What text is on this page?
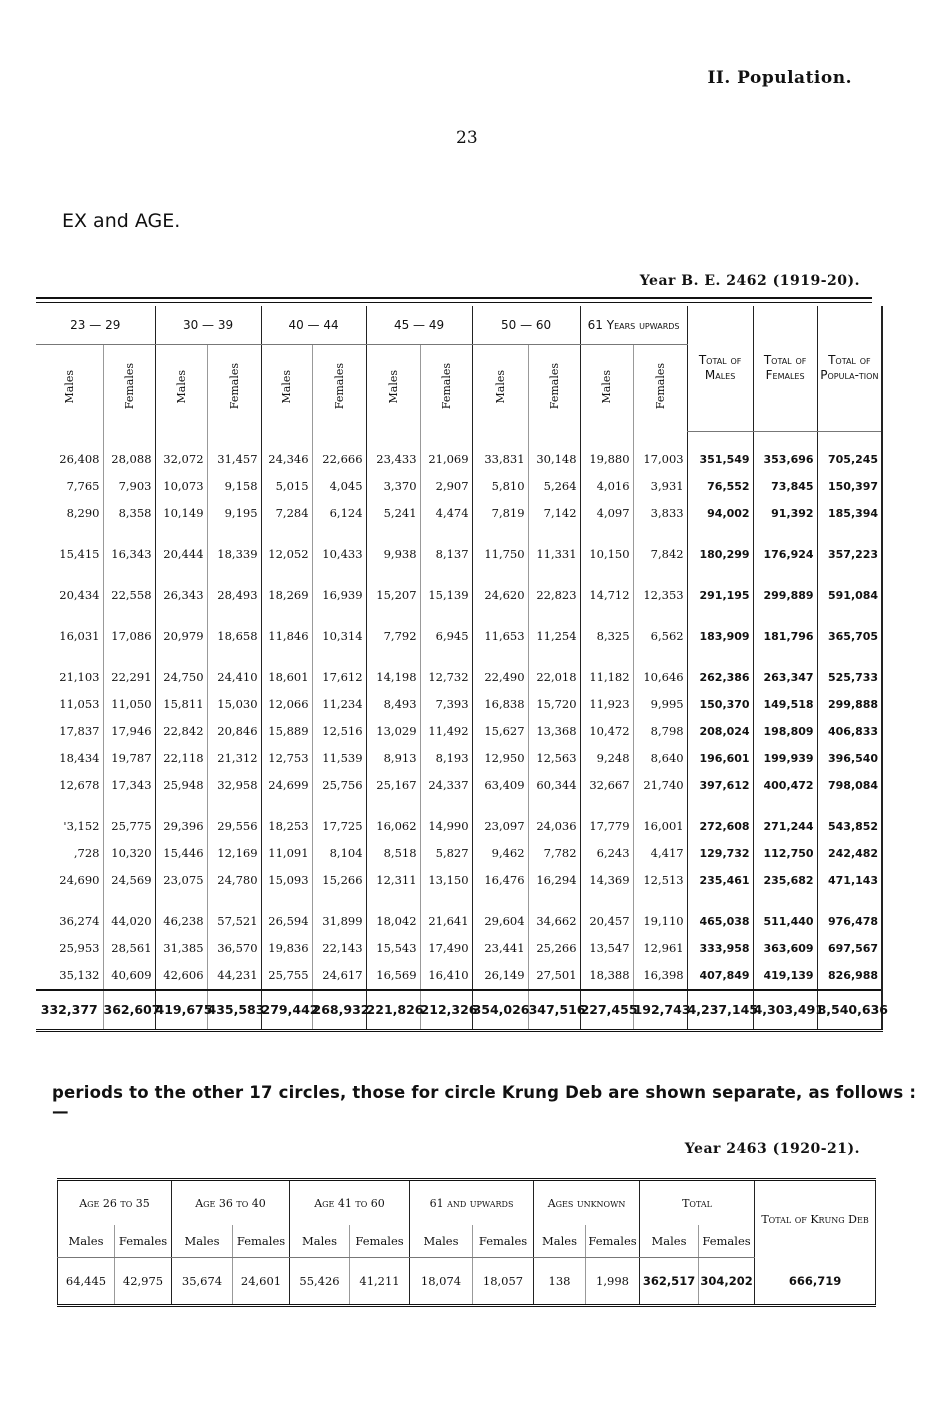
II. Population.
23
EX and AGE.
Year B. E. 2462 (1919-20).
23 — 29		30 — 39		40 — 44		45 — 49		50 — 60		61 Years upwards		Total of Males	Total of Females	Total of Popula-tion
Males	Females	Males	Females	Males	Females	Males	Females	Males	Females	Males	Females			
26,408	28,088	32,072	31,457	24,346	22,666	23,433	21,069	33,831	30,148	19,880	17,003	351,549	353,696	705,245
7,765	7,903	10,073	9,158	5,015	4,045	3,370	2,907	5,810	5,264	4,016	3,931	76,552	73,845	150,397
8,290	8,358	10,149	9,195	7,284	6,124	5,241	4,474	7,819	7,142	4,097	3,833	94,002	91,392	185,394
15,415	16,343	20,444	18,339	12,052	10,433	9,938	8,137	11,750	11,331	10,150	7,842	180,299	176,924	357,223
20,434	22,558	26,343	28,493	18,269	16,939	15,207	15,139	24,620	22,823	14,712	12,353	291,195	299,889	591,084
16,031	17,086	20,979	18,658	11,846	10,314	7,792	6,945	11,653	11,254	8,325	6,562	183,909	181,796	365,705
21,103	22,291	24,750	24,410	18,601	17,612	14,198	12,732	22,490	22,018	11,182	10,646	262,386	263,347	525,733
11,053	11,050	15,811	15,030	12,066	11,234	8,493	7,393	16,838	15,720	11,923	9,995	150,370	149,518	299,888
17,837	17,946	22,842	20,846	15,889	12,516	13,029	11,492	15,627	13,368	10,472	8,798	208,024	198,809	406,833
18,434	19,787	22,118	21,312	12,753	11,539	8,913	8,193	12,950	12,563	9,248	8,640	196,601	199,939	396,540
12,678	17,343	25,948	32,958	24,699	25,756	25,167	24,337	63,409	60,344	32,667	21,740	397,612	400,472	798,084
'3,152	25,775	29,396	29,556	18,253	17,725	16,062	14,990	23,097	24,036	17,779	16,001	272,608	271,244	543,852
,728	10,320	15,446	12,169	11,091	8,104	8,518	5,827	9,462	7,782	6,243	4,417	129,732	112,750	242,482
24,690	24,569	23,075	24,780	15,093	15,266	12,311	13,150	16,476	16,294	14,369	12,513	235,461	235,682	471,143
36,274	44,020	46,238	57,521	26,594	31,899	18,042	21,641	29,604	34,662	20,457	19,110	465,038	511,440	976,478
25,953	28,561	31,385	36,570	19,836	22,143	15,543	17,490	23,441	25,266	13,547	12,961	333,958	363,609	697,567
35,132	40,609	42,606	44,231	25,755	24,617	16,569	16,410	26,149	27,501	18,388	16,398	407,849	419,139	826,988
332,377	362,607	419,675	435,583	279,442	268,932	221,826	212,326	354,026	347,516	227,455	192,743	4,237,145	4,303,491	8,540,636
periods to the other 17 circles, those for circle Krung Deb are shown separate, as follows :—
Year 2463 (1920-21).
Age 26 to 35		Age 36 to 40		Age 41 to 60		61 and upwards		Ages unknown		Total		Total of Krung Deb
Males	Females	Males	Females	Males	Females	Males	Females	Males	Females	Males	Females	
64,445	42,975	35,674	24,601	55,426	41,211	18,074	18,057	138	1,998	362,517	304,202	666,719
